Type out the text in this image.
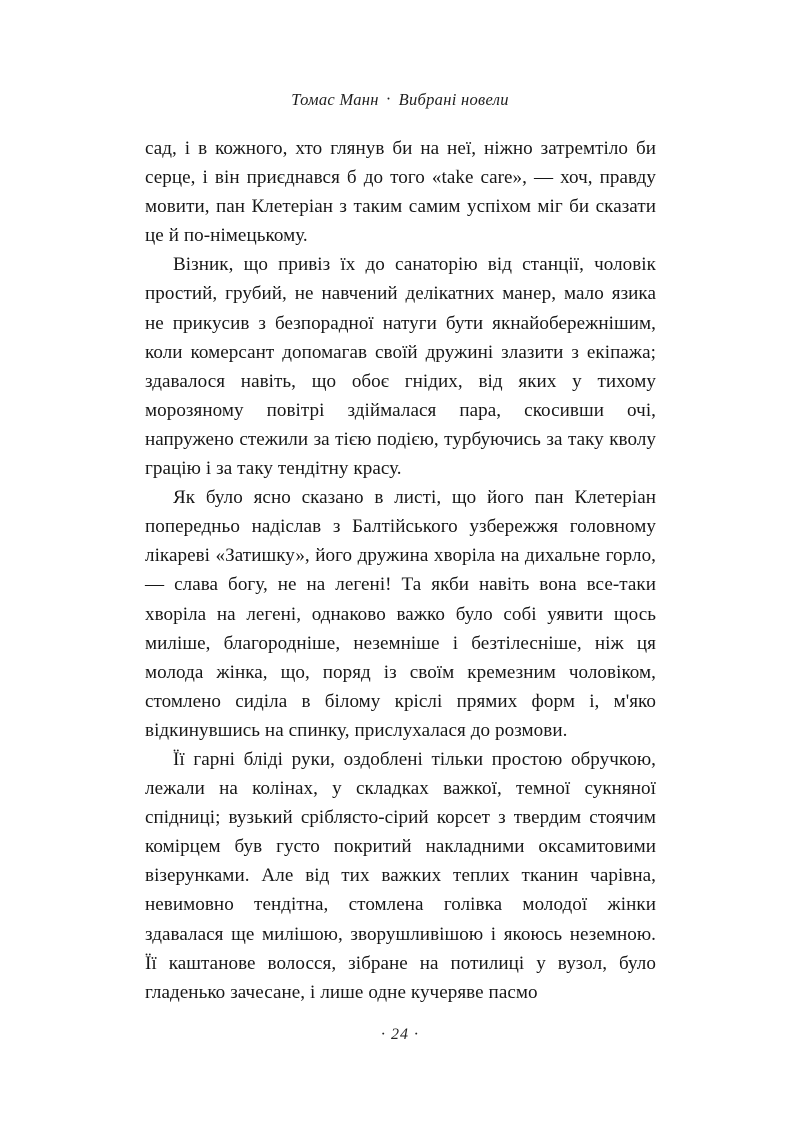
Томас Манн · Вибрані новели

сад, і в кожного, хто глянув би на неї, ніжно затремтіло би серце, і він приєднався б до того «take care», — хоч, правду мовити, пан Клетеріан з таким самим успіхом міг би сказати це й по-німецькому.

Візник, що привіз їх до санаторію від станції, чоловік простий, грубий, не навчений делікатних манер, мало язика не прикусив з безпорадної натуги бути якнайобережнішим, коли комерсант допомагав своїй дружині злазити з екіпажа; здавалося навіть, що обоє гнідих, від яких у тихому морозяному повітрі здіймалася пара, скосивши очі, напружено стежили за тією подією, турбуючись за таку кволу грацію і за таку тендітну красу.

Як було ясно сказано в листі, що його пан Клетеріан попередньо надіслав з Балтійського узбережжя головному лікареві «Затишку», його дружина хворіла на дихальне горло, — слава богу, не на легені! Та якби навіть вона все-таки хворіла на легені, однаково важко було собі уявити щось миліше, благородніше, неземніше і безтілесніше, ніж ця молода жінка, що, поряд із своїм кремезним чоловіком, стомлено сиділа в білому кріслі прямих форм і, м'яко відкинувшись на спинку, прислухалася до розмови.

Її гарні бліді руки, оздоблені тільки простою обручкою, лежали на колінах, у складках важкої, темної сукняної спідниці; вузький сріблясто-сірий корсет з твердим стоячим комірцем був густо покритий накладними оксамитовими візерунками. Але від тих важких теплих тканин чарівна, невимовно тендітна, стомлена голівка молодої жінки здавалася ще милішою, зворушливішою і якоюсь неземною. Її каштанове волосся, зібране на потилиці у вузол, було гладенько зачесане, і лише одне кучеряве пасмо

· 24 ·
